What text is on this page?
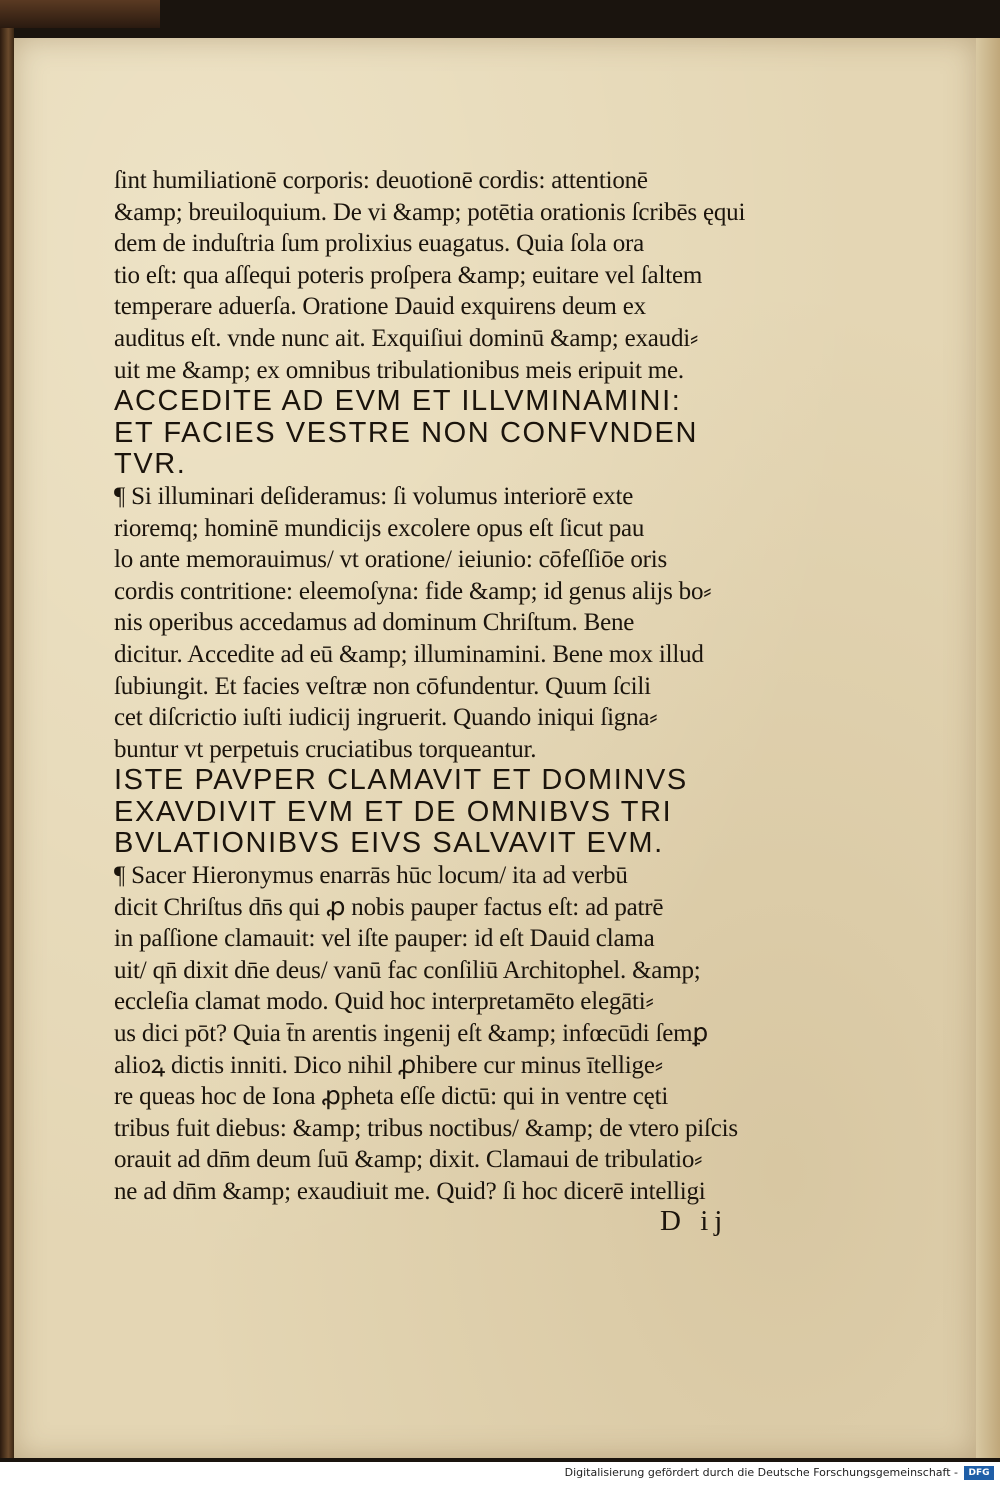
ſint humiliationē corporis: deuotionē cordis: attentionē
&amp; breuiloquium. De vi &amp; potētia orationis ſcribēs ęqui
dem de induſtria ſum prolixius euagatus. Quia ſola ora
tio eſt: qua aſſequi poteris proſpera &amp; euitare vel ſaltem
temperare aduerſa. Oratione Dauid exquirens deum ex
auditus eſt. vnde nunc ait. Exquiſiui dominū &amp; exaudi⸗
uit me &amp; ex omnibus tribulationibus meis eripuit me.
ACCEDITE AD EVM ET ILLVMINAMINI:
ET FACIES VESTRE NON CONFVNDEN
TVR.
¶ Si illuminari deſideramus: ſi volumus interiorē exte
rioremq; hominē mundicijs excolere opus eſt ſicut pau
lo ante memorauimus/ vt oratione/ ieiunio: cōfeſſiōe oris
cordis contritione: eleemoſyna: fide &amp; id genus alijs bo⸗
nis operibus accedamus ad dominum Chriſtum. Bene
dicitur. Accedite ad eū &amp; illuminamini. Bene mox illud
ſubiungit. Et facies veſtræ non cōfundentur. Quum ſcili
cet diſcrictio iuſti iudicij ingruerit. Quando iniqui ſigna⸗
buntur vt perpetuis cruciatibus torqueantur.
ISTE PAVPER CLAMAVIT ET DOMINVS
EXAVDIVIT EVM ET DE OMNIBVS TRI
BVLATIONIBVS EIVS SALVAVIT EVM.
¶ Sacer Hieronymus enarrās hūc locum/ ita ad verbū
dicit Chriſtus dn̄s qui ꝓ nobis pauper factus eſt: ad patrē
in paſſione clamauit: vel iſte pauper: id eſt Dauid clama
uit/ qn̄ dixit dn̄e deus/ vanū fac conſiliū Architophel. &amp;
eccleſia clamat modo. Quid hoc interpretamēto elegāti⸗
us dici pōt? Quia t̄n arentis ingenij eſt &amp; infœcūdi ſemꝑ
alioꝝ dictis inniti. Dico nihil ꝓhibere cur minus ītellige⸗
re queas hoc de Iona ꝓpheta eſſe dictū: qui in ventre cęti
tribus fuit diebus: &amp; tribus noctibus/ &amp; de vtero piſcis
orauit ad dn̄m deum ſuū &amp; dixit. Clamaui de tribulatio⸗
ne ad dn̄m &amp; exaudiuit me. Quid? ſi hoc dicerē intelligi
D ij
Digitalisierung gefördert durch die Deutsche Forschungsgemeinschaft -	DFG
